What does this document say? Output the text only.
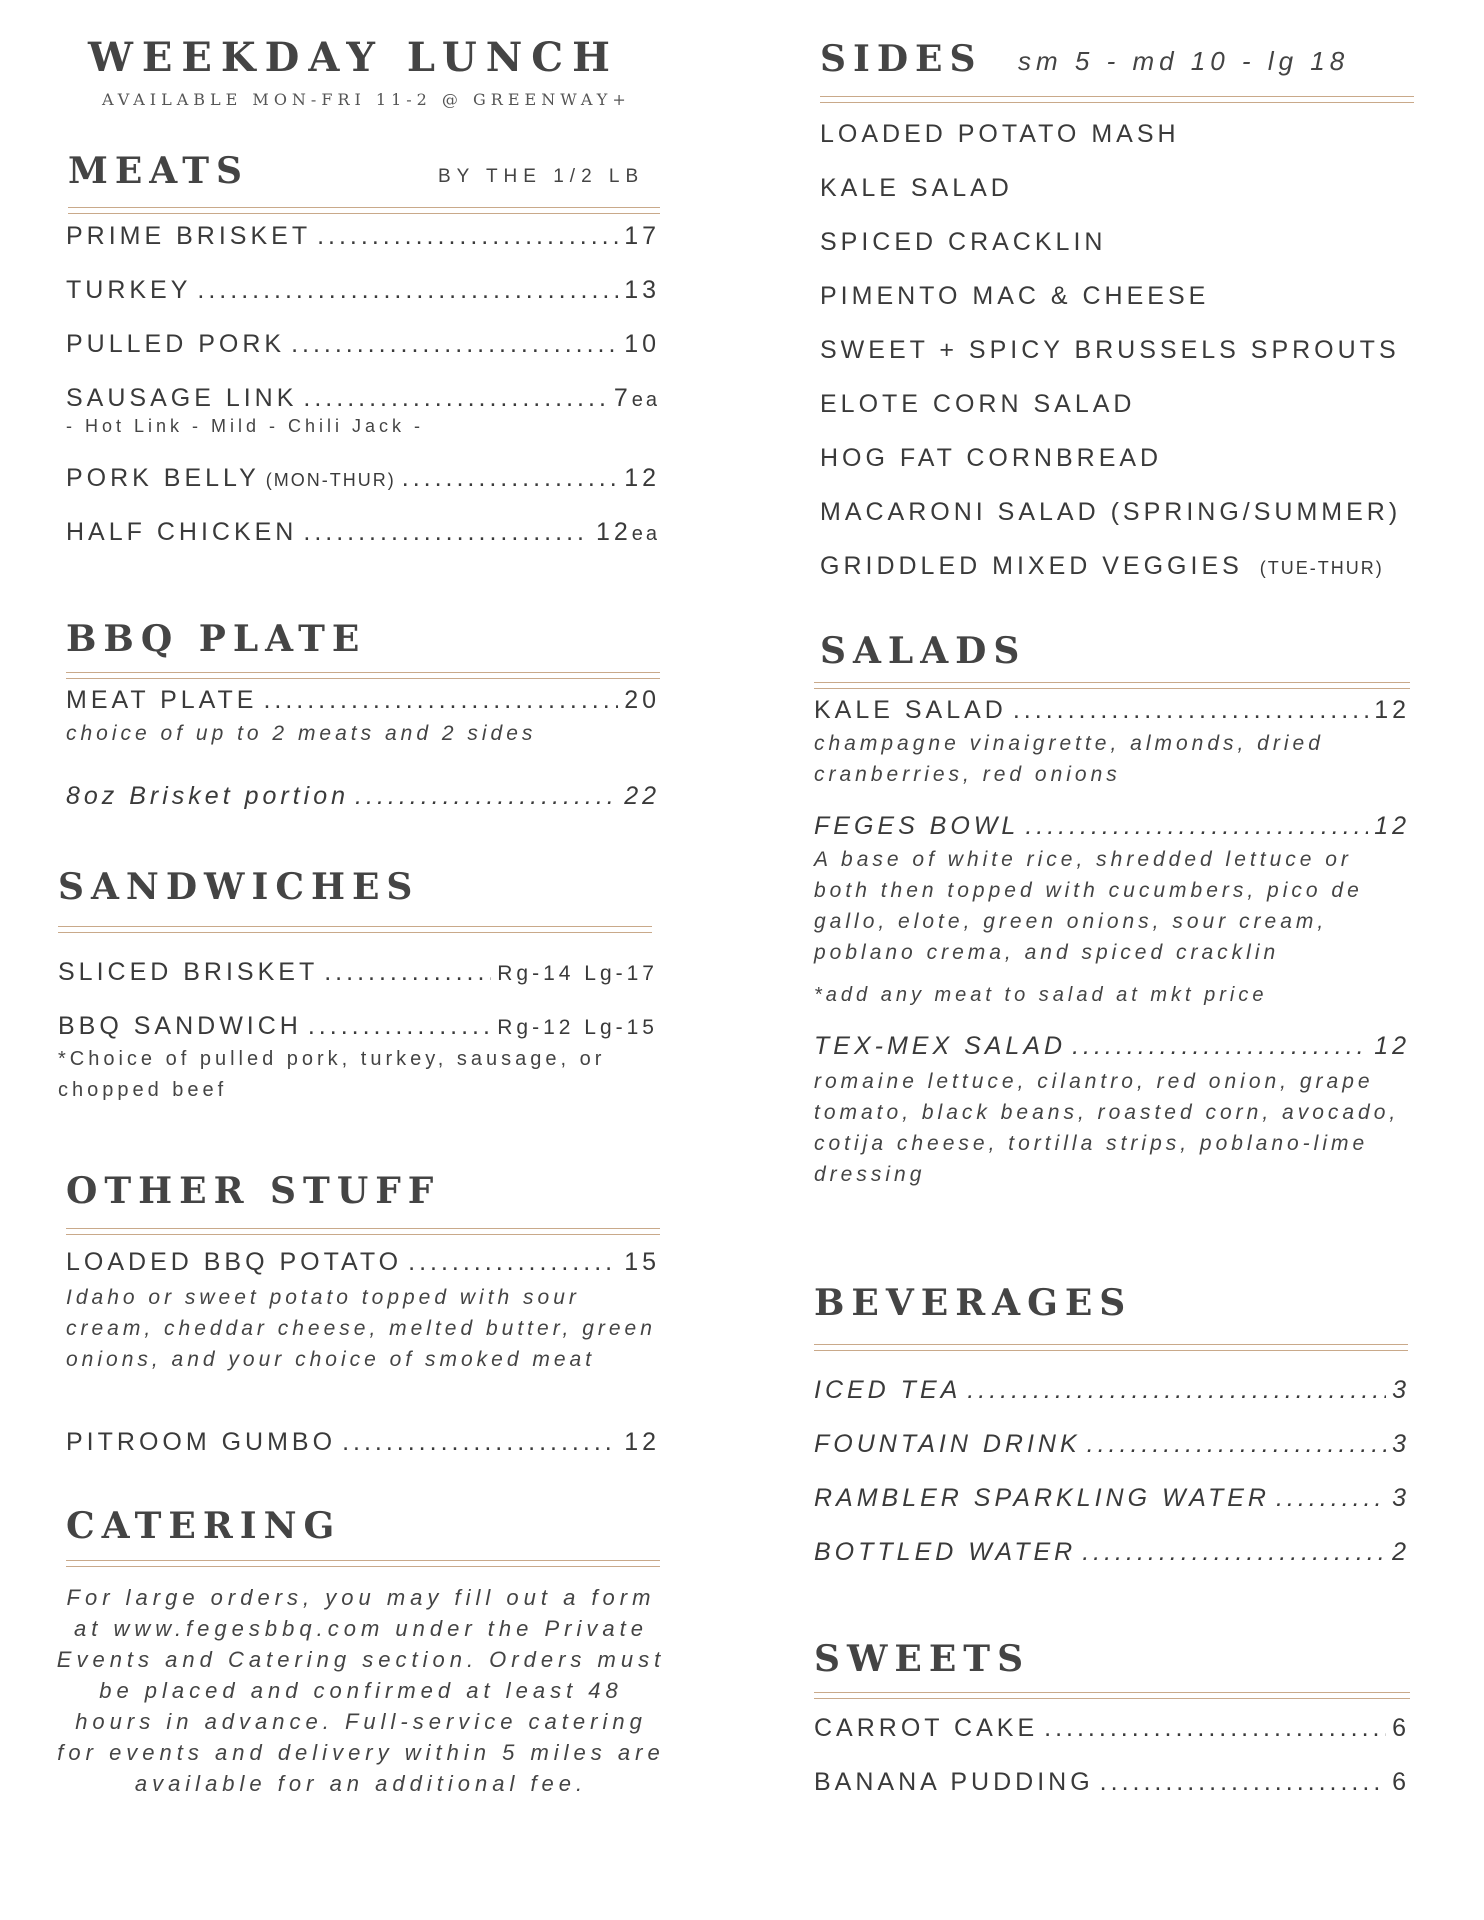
WEEKDAY LUNCH
AVAILABLE MON-FRI 11-2 @ GREENWAY+
MEATS	BY THE 1/2 LB
PRIME BRISKET .....	17
TURKEY .....	13
PULLED PORK .....	10
SAUSAGE LINK .....	7ea
- Hot Link - Mild - Chili Jack -
PORK BELLY (MON-THUR) .....	12
HALF CHICKEN .....	12ea
BBQ PLATE
MEAT PLATE .....	20
choice of up to 2 meats and 2 sides
8oz Brisket portion .....	22
SANDWICHES
SLICED BRISKET .....	Rg-14 Lg-17
BBQ SANDWICH .....	Rg-12 Lg-15
*Choice of pulled pork, turkey, sausage, or chopped beef
OTHER STUFF
LOADED BBQ POTATO .....	15
Idaho or sweet potato topped with sour cream, cheddar cheese, melted butter, green onions, and your choice of smoked meat
PITROOM GUMBO .....	12
CATERING
For large orders, you may fill out a form at www.fegesbbq.com under the Private Events and Catering section. Orders must be placed and confirmed at least 48 hours in advance. Full-service catering for events and delivery within 5 miles are available for an additional fee.
SIDES sm 5 - md 10 - lg 18
LOADED POTATO MASH
KALE SALAD
SPICED CRACKLIN
PIMENTO MAC & CHEESE
SWEET + SPICY BRUSSELS SPROUTS
ELOTE CORN SALAD
HOG FAT CORNBREAD
MACARONI SALAD (SPRING/SUMMER)
GRIDDLED MIXED VEGGIES (TUE-THUR)
SALADS
KALE SALAD .....	12
champagne vinaigrette, almonds, dried cranberries, red onions
FEGES BOWL .....	12
A base of white rice, shredded lettuce or both then topped with cucumbers, pico de gallo, elote, green onions, sour cream, poblano crema, and spiced cracklin
*add any meat to salad at mkt price
TEX-MEX SALAD .....	12
romaine lettuce, cilantro, red onion, grape tomato, black beans, roasted corn, avocado, cotija cheese, tortilla strips, poblano-lime dressing
BEVERAGES
ICED TEA .....	3
FOUNTAIN DRINK .....	3
RAMBLER SPARKLING WATER .....	3
BOTTLED WATER .....	2
SWEETS
CARROT CAKE .....	6
BANANA PUDDING .....	6
